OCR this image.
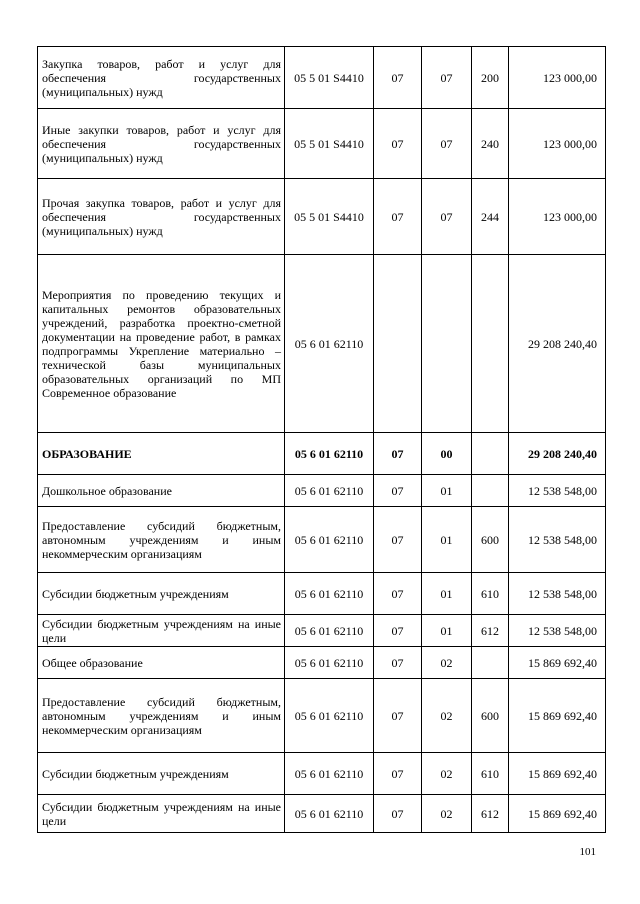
Закупка товаров, работ и услуг для обеспечения государственных (муниципальных) нужд	05 5 01 S4410	07	07	200	123 000,00
Иные закупки товаров, работ и услуг для обеспечения государственных (муниципальных) нужд	05 5 01 S4410	07	07	240	123 000,00
Прочая закупка товаров, работ и услуг для обеспечения государственных (муниципальных) нужд	05 5 01 S4410	07	07	244	123 000,00
Мероприятия по проведению текущих и капитальных ремонтов образовательных учреждений, разработка проектно-сметной документации на проведение работ, в рамках подпрограммы Укрепление материально – технической базы муниципальных образовательных организаций по МП Современное образование	05 6 01 62110				29 208 240,40
ОБРАЗОВАНИЕ	05 6 01 62110	07	00		29 208 240,40
Дошкольное образование	05 6 01 62110	07	01		12 538 548,00
Предоставление субсидий бюджетным, автономным учреждениям и иным некоммерческим организациям	05 6 01 62110	07	01	600	12 538 548,00
Субсидии бюджетным учреждениям	05 6 01 62110	07	01	610	12 538 548,00
Субсидии бюджетным учреждениям на иные цели	05 6 01 62110	07	01	612	12 538 548,00
Общее образование	05 6 01 62110	07	02		15 869 692,40
Предоставление субсидий бюджетным, автономным учреждениям и иным некоммерческим организациям	05 6 01 62110	07	02	600	15 869 692,40
Субсидии бюджетным учреждениям	05 6 01 62110	07	02	610	15 869 692,40
Субсидии бюджетным учреждениям на иные цели	05 6 01 62110	07	02	612	15 869 692,40
101
